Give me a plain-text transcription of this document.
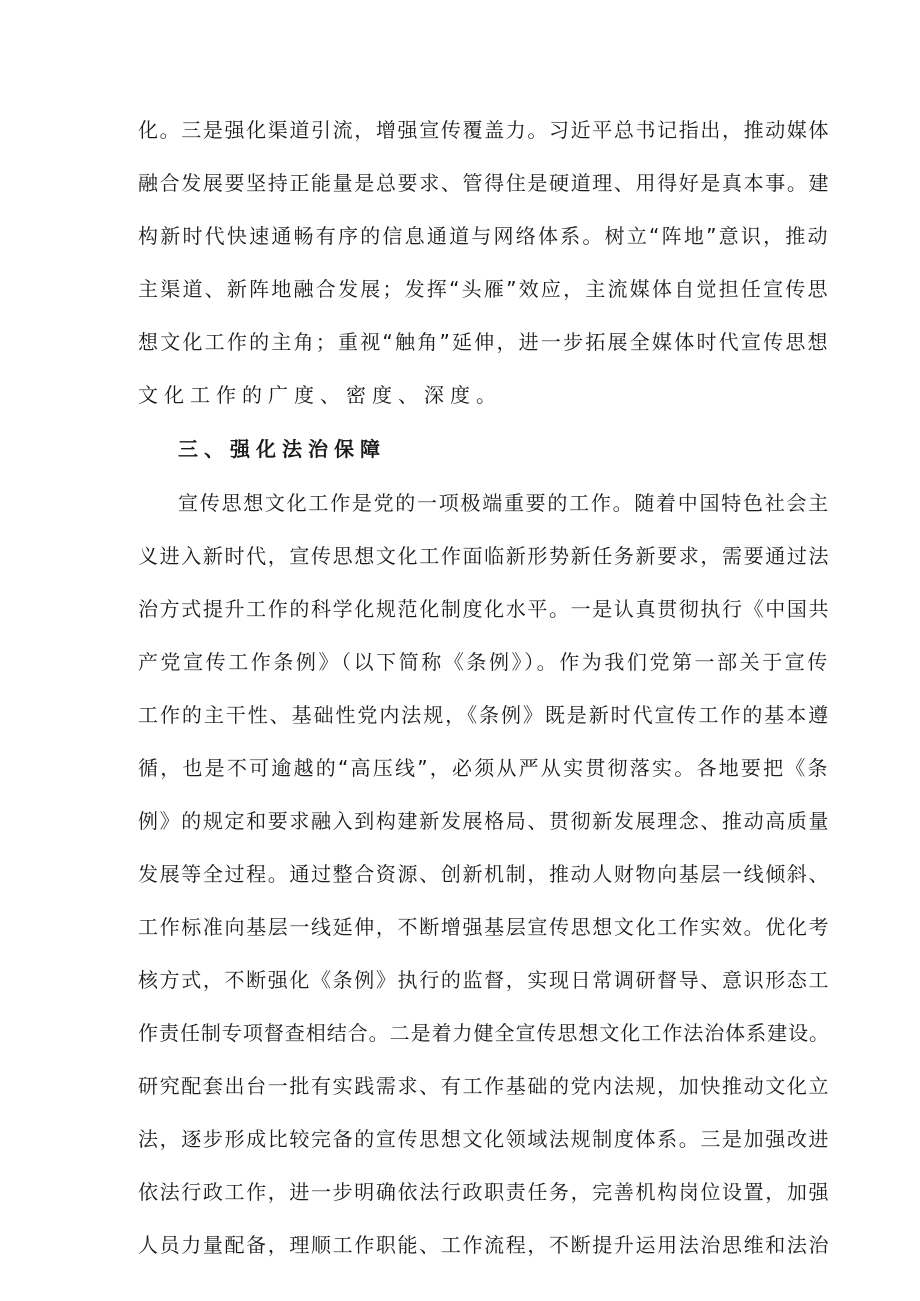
化。三是强化渠道引流，增强宣传覆盖力。习近平总书记指出，推动媒体
融合发展要坚持正能量是总要求、管得住是硬道理、用得好是真本事。建
构新时代快速通畅有序的信息通道与网络体系。树立“阵地”意识，推动
主渠道、新阵地融合发展；发挥“头雁”效应，主流媒体自觉担任宣传思
想文化工作的主角；重视“触角”延伸，进一步拓展全媒体时代宣传思想
文化工作的广度、密度、深度。
三、强化法治保障
宣传思想文化工作是党的一项极端重要的工作。随着中国特色社会主
义进入新时代，宣传思想文化工作面临新形势新任务新要求，需要通过法
治方式提升工作的科学化规范化制度化水平。一是认真贯彻执行《中国共
产党宣传工作条例》（以下简称《条例》）。作为我们党第一部关于宣传
工作的主干性、基础性党内法规，《条例》既是新时代宣传工作的基本遵
循，也是不可逾越的“高压线”，必须从严从实贯彻落实。各地要把《条
例》的规定和要求融入到构建新发展格局、贯彻新发展理念、推动高质量
发展等全过程。通过整合资源、创新机制，推动人财物向基层一线倾斜、
工作标准向基层一线延伸，不断增强基层宣传思想文化工作实效。优化考
核方式，不断强化《条例》执行的监督，实现日常调研督导、意识形态工
作责任制专项督查相结合。二是着力健全宣传思想文化工作法治体系建设。
研究配套出台一批有实践需求、有工作基础的党内法规，加快推动文化立
法，逐步形成比较完备的宣传思想文化领域法规制度体系。三是加强改进
依法行政工作，进一步明确依法行政职责任务，完善机构岗位设置，加强
人员力量配备，理顺工作职能、工作流程，不断提升运用法治思维和法治
